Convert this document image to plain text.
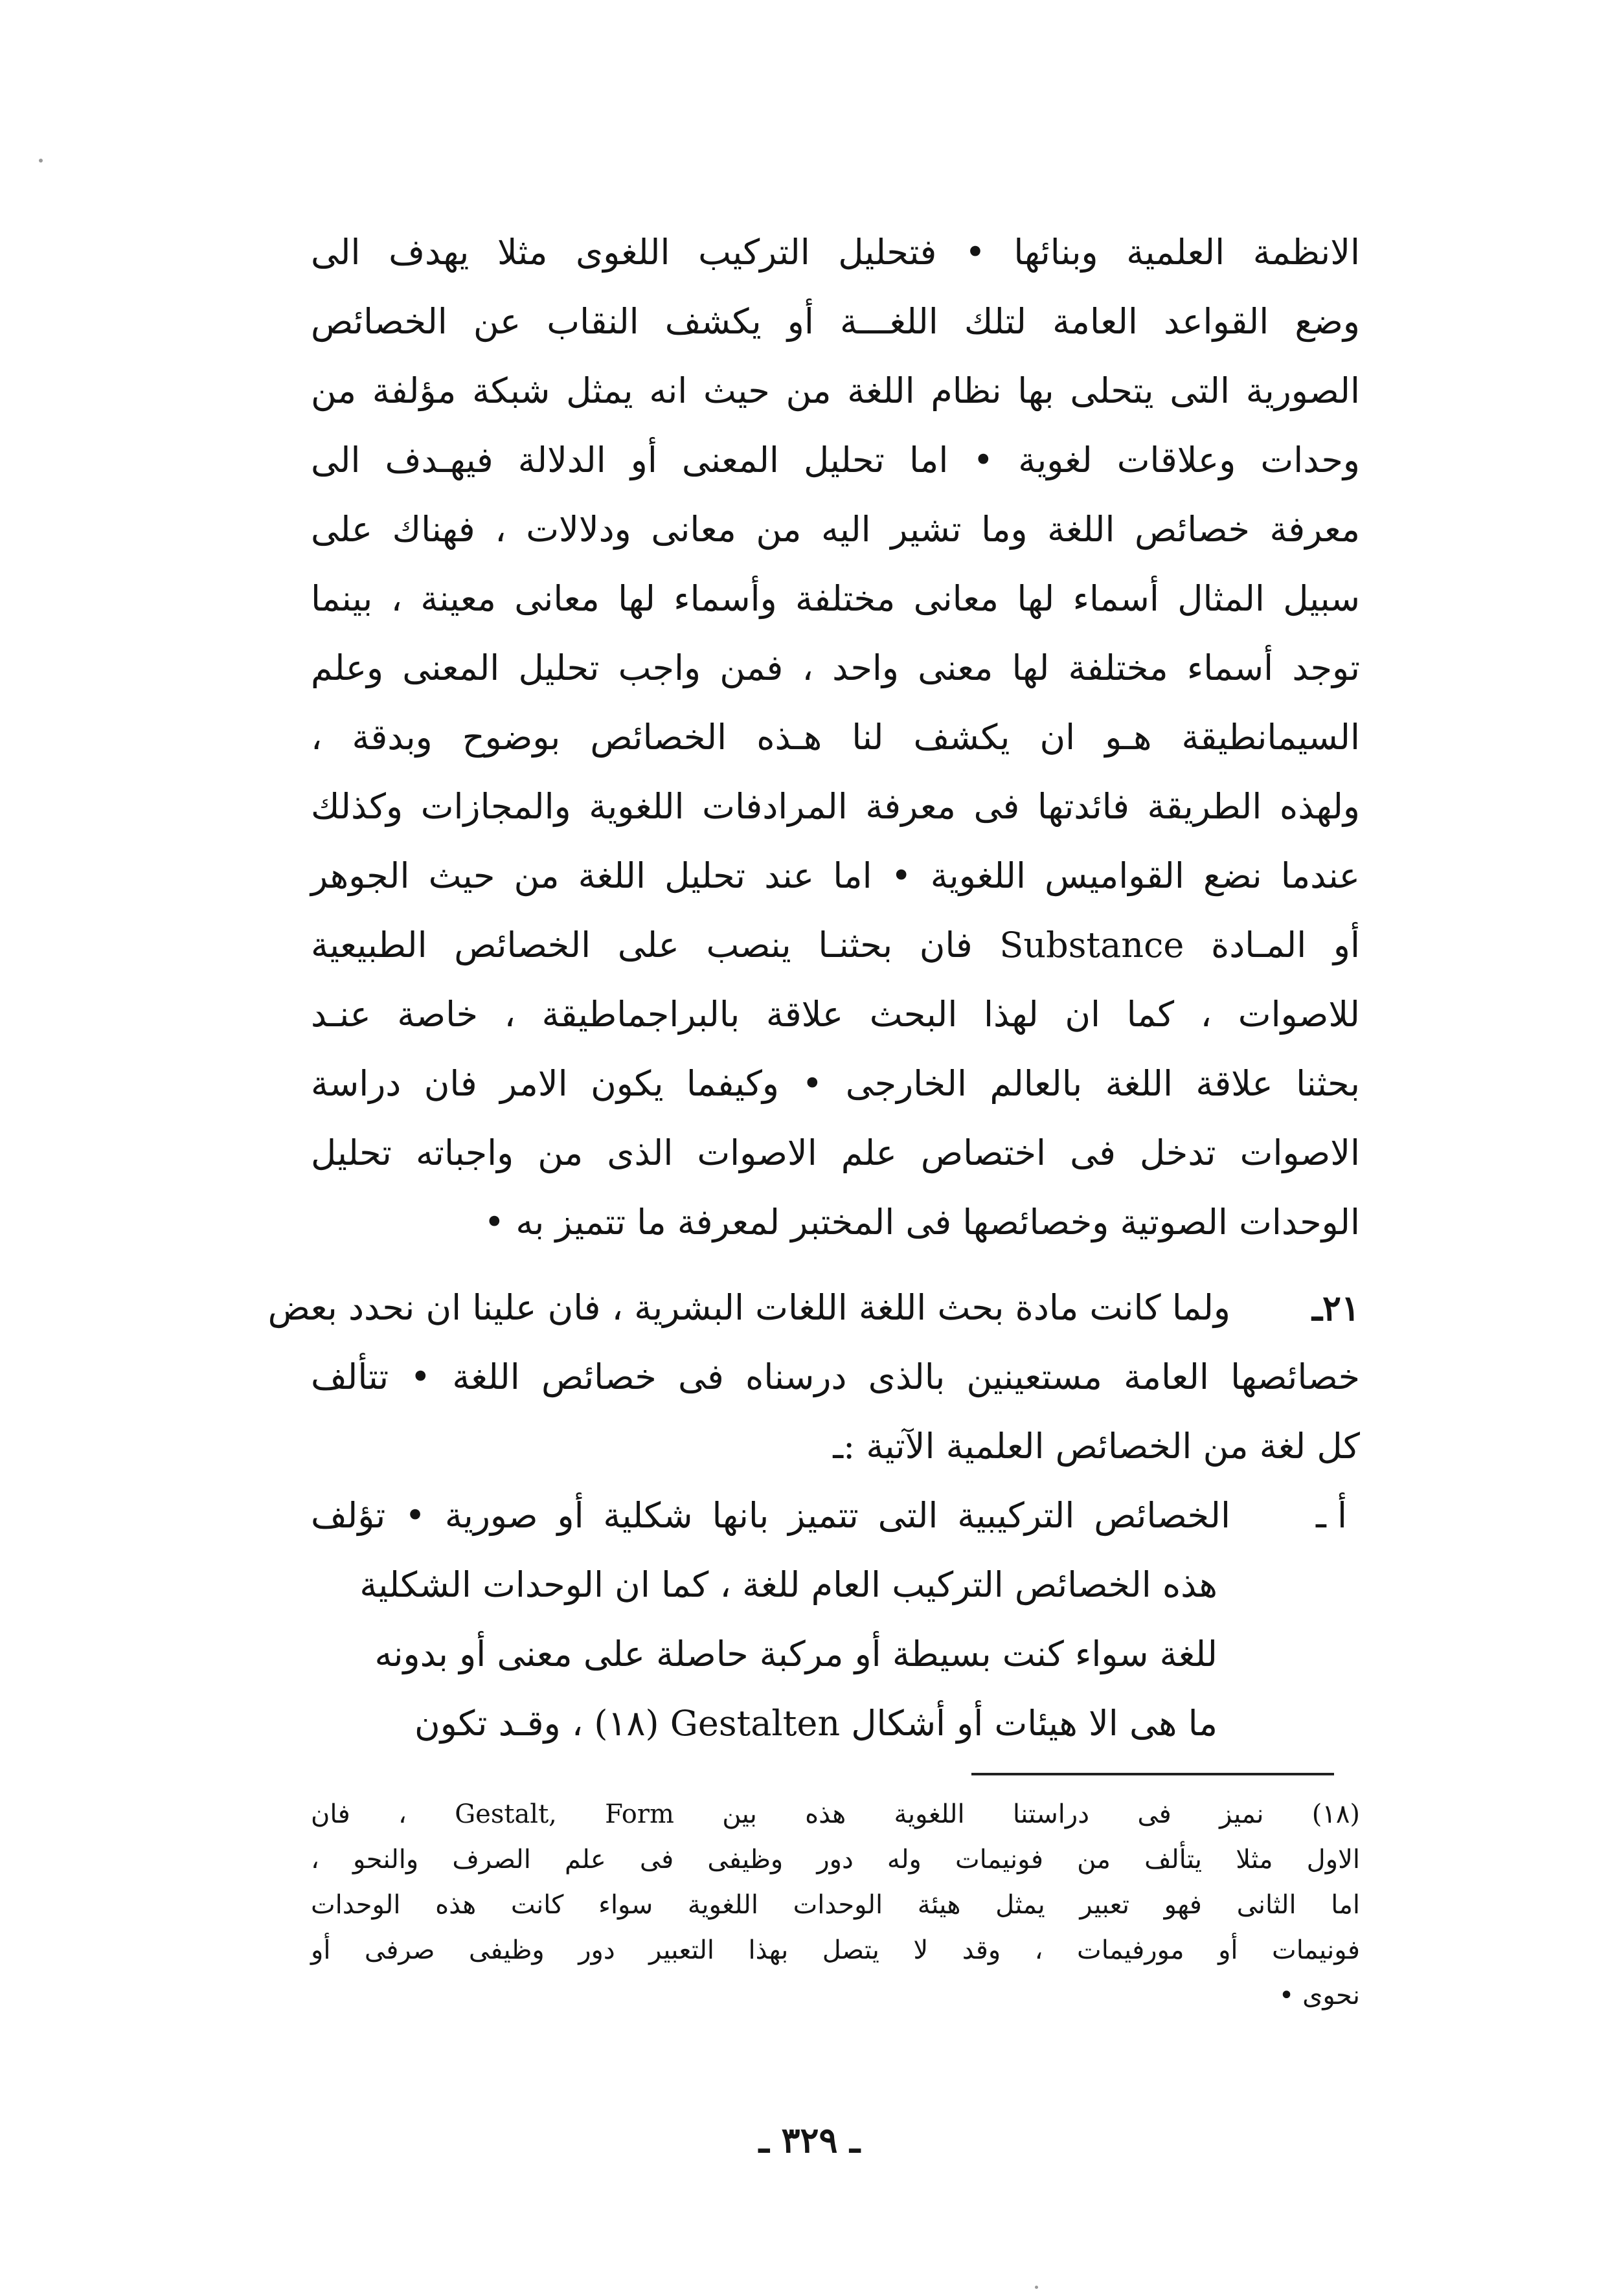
الانظمة العلمية وبنائها • فتحليل التركيب اللغوى مثلا يهدف الى
وضع القواعد العامة لتلك اللغـــة أو يكشف النقاب عن الخصائص
الصورية التى يتحلى بها نظام اللغة من حيث انه يمثل شبكة مؤلفة من
وحدات وعلاقات لغوية • اما تحليل المعنى أو الدلالة فيهـدف الى
معرفة خصائص اللغة وما تشير اليه من معانى ودلالات ، فهناك على
سبيل المثال أسماء لها معانى مختلفة وأسماء لها معانى معينة ، بينما
توجد أسماء مختلفة لها معنى واحد ، فمن واجب تحليل المعنى وعلم
السيمانطيقة هـو ان يكشف لنا هـذه الخصائص بوضوح وبدقة ،
ولهذه الطريقة فائدتها فى معرفة المرادفات اللغوية والمجازات وكذلك
عندما نضع القواميس اللغوية • اما عند تحليل اللغة من حيث الجوهر
أو المـادة Substance فان بحثنـا ينصب على الخصائص الطبيعية
للاصوات ، كما ان لهذا البحث علاقة بالبراجماطيقة ، خاصة عنـد
بحثنا علاقة اللغة بالعالم الخارجى • وكيفما يكون الامر فان دراسة
الاصوات تدخل فى اختصاص علم الاصوات الذى من واجباته تحليل
الوحدات الصوتية وخصائصها فى المختبر لمعرفة ما تتميز به •
٢١ـ
ولما كانت مادة بحث اللغة اللغات البشرية ، فان علينا ان نحدد بعض
خصائصها العامة مستعينين بالذى درسناه فى خصائص اللغة • تتألف
كل لغة من الخصائص العلمية الآتية :ـ
أ ـ
الخصائص التركيبية التى تتميز بانها شكلية أو صورية • تؤلف
هذه الخصائص التركيب العام للغة ، كما ان الوحدات الشكلية
للغة سواء كنت بسيطة أو مركبة حاصلة على معنى أو بدونه
ما هى الا هيئات أو أشكال Gestalten (١٨) ، وقـد تكون
(١٨) نميز فى دراستنا اللغوية هذه بين Gestalt, Form ، فان
الاول مثلا يتألف من فونيمات وله دور وظيفى فى علم الصرف والنحو ،
اما الثانى فهو تعبير يمثل هيئة الوحدات اللغوية سواء كانت هذه الوحدات
فونيمات أو مورفيمات ، وقد لا يتصل بهذا التعبير دور وظيفى صرفى أو
نحوى •
ـ ٣٢٩ ـ
